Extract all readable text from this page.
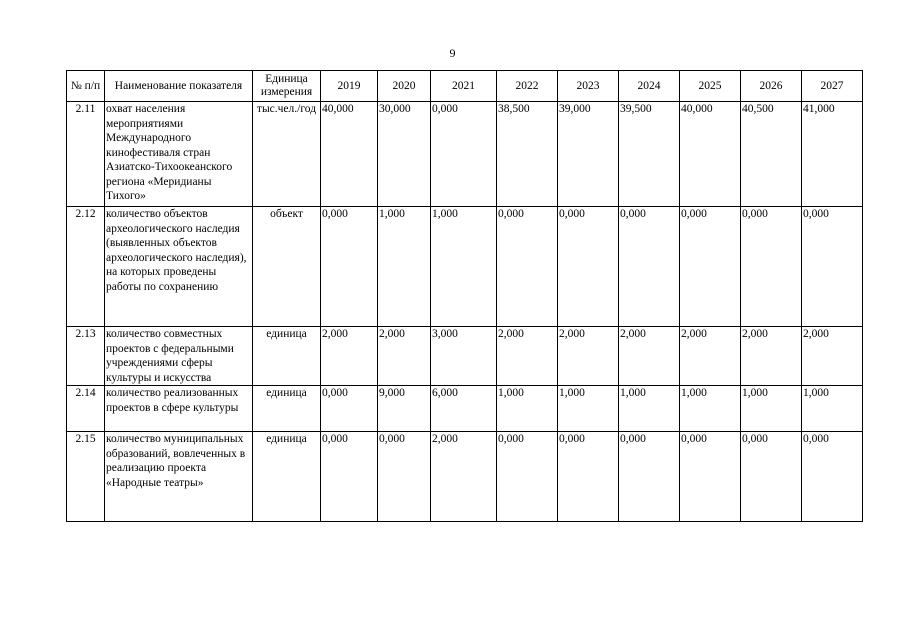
9
№ п/п	Наименование показателя	Единица измерения	2019	2020	2021	2022	2023	2024	2025	2026	2027
2.11	охват населения мероприятиями Международного кинофестиваля стран Азиатско-Тихоокеанского региона «Меридианы Тихого»	тыс.чел./год	40,000	30,000	0,000	38,500	39,000	39,500	40,000	40,500	41,000
2.12	количество объектов археологического наследия (выявленных объектов археологического наследия), на которых проведены работы по сохранению	объект	0,000	1,000	1,000	0,000	0,000	0,000	0,000	0,000	0,000
2.13	количество совместных проектов с федеральными учреждениями сферы культуры и искусства	единица	2,000	2,000	3,000	2,000	2,000	2,000	2,000	2,000	2,000
2.14	количество реализованных проектов в сфере культуры	единица	0,000	9,000	6,000	1,000	1,000	1,000	1,000	1,000	1,000
2.15	количество муниципальных образований, вовлеченных в реализацию проекта «Народные театры»	единица	0,000	0,000	2,000	0,000	0,000	0,000	0,000	0,000	0,000
